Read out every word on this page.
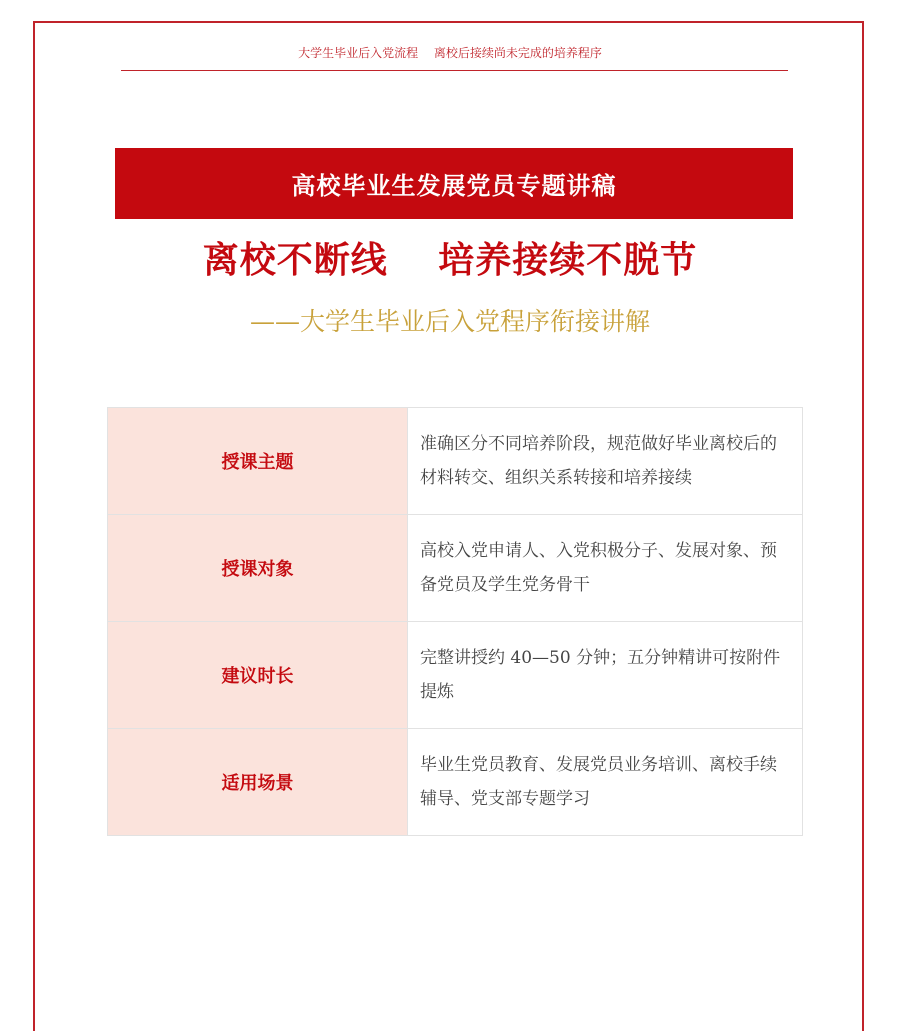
大学生毕业后入党流程　 离校后接续尚未完成的培养程序
高校毕业生发展党员专题讲稿
离校不断线　 培养接续不脱节
——大学生毕业后入党程序衔接讲解
授课主题	准确区分不同培养阶段，规范做好毕业离校后的材料转交、组织关系转接和培养接续
授课对象	高校入党申请人、入党积极分子、发展对象、预备党员及学生党务骨干
建议时长	完整讲授约 40—50 分钟；五分钟精讲可按附件提炼
适用场景	毕业生党员教育、发展党员业务培训、离校手续辅导、党支部专题学习
